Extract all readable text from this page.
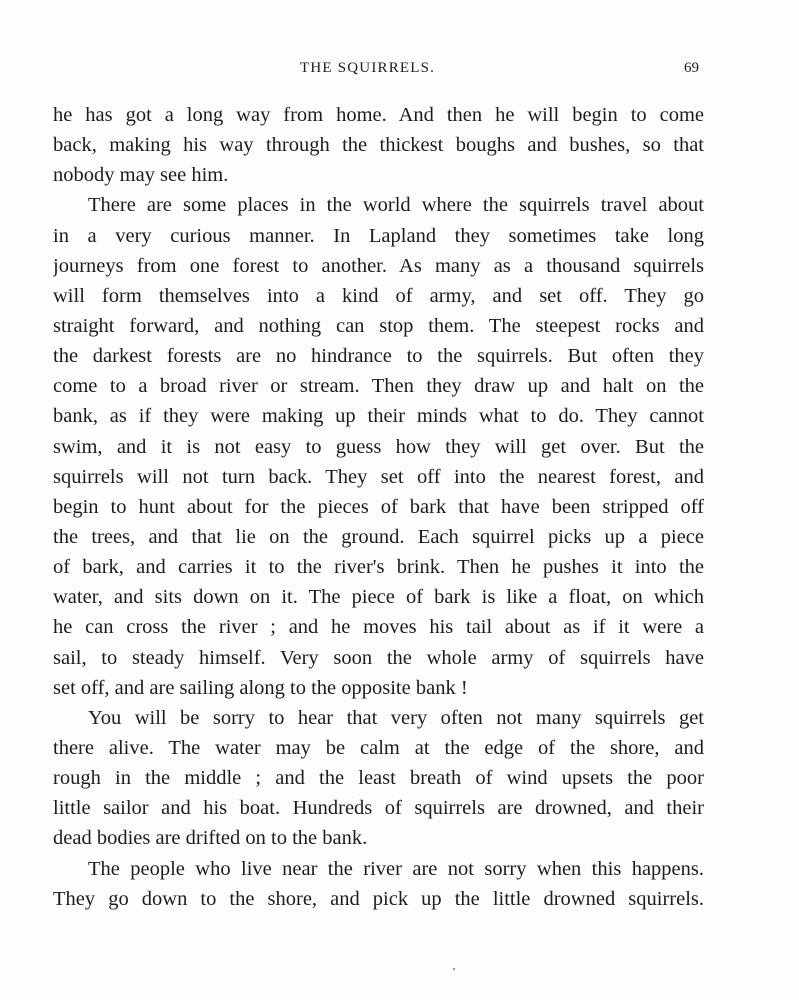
THE SQUIRRELS.	69
he has got a long way from home. And then he will begin to come
back, making his way through the thickest boughs and bushes, so that
nobody may see him.
There are some places in the world where the squirrels travel about
in a very curious manner. In Lapland they sometimes take long
journeys from one forest to another. As many as a thousand squirrels
will form themselves into a kind of army, and set off. They go
straight forward, and nothing can stop them. The steepest rocks and
the darkest forests are no hindrance to the squirrels. But often they
come to a broad river or stream. Then they draw up and halt on the
bank, as if they were making up their minds what to do. They cannot
swim, and it is not easy to guess how they will get over. But the
squirrels will not turn back. They set off into the nearest forest, and
begin to hunt about for the pieces of bark that have been stripped off
the trees, and that lie on the ground. Each squirrel picks up a piece
of bark, and carries it to the river's brink. Then he pushes it into the
water, and sits down on it. The piece of bark is like a float, on which
he can cross the river ; and he moves his tail about as if it were a
sail, to steady himself. Very soon the whole army of squirrels have
set off, and are sailing along to the opposite bank !
You will be sorry to hear that very often not many squirrels get
there alive. The water may be calm at the edge of the shore, and
rough in the middle ; and the least breath of wind upsets the poor
little sailor and his boat. Hundreds of squirrels are drowned, and their
dead bodies are drifted on to the bank.
The people who live near the river are not sorry when this happens.
They go down to the shore, and pick up the little drowned squirrels.
